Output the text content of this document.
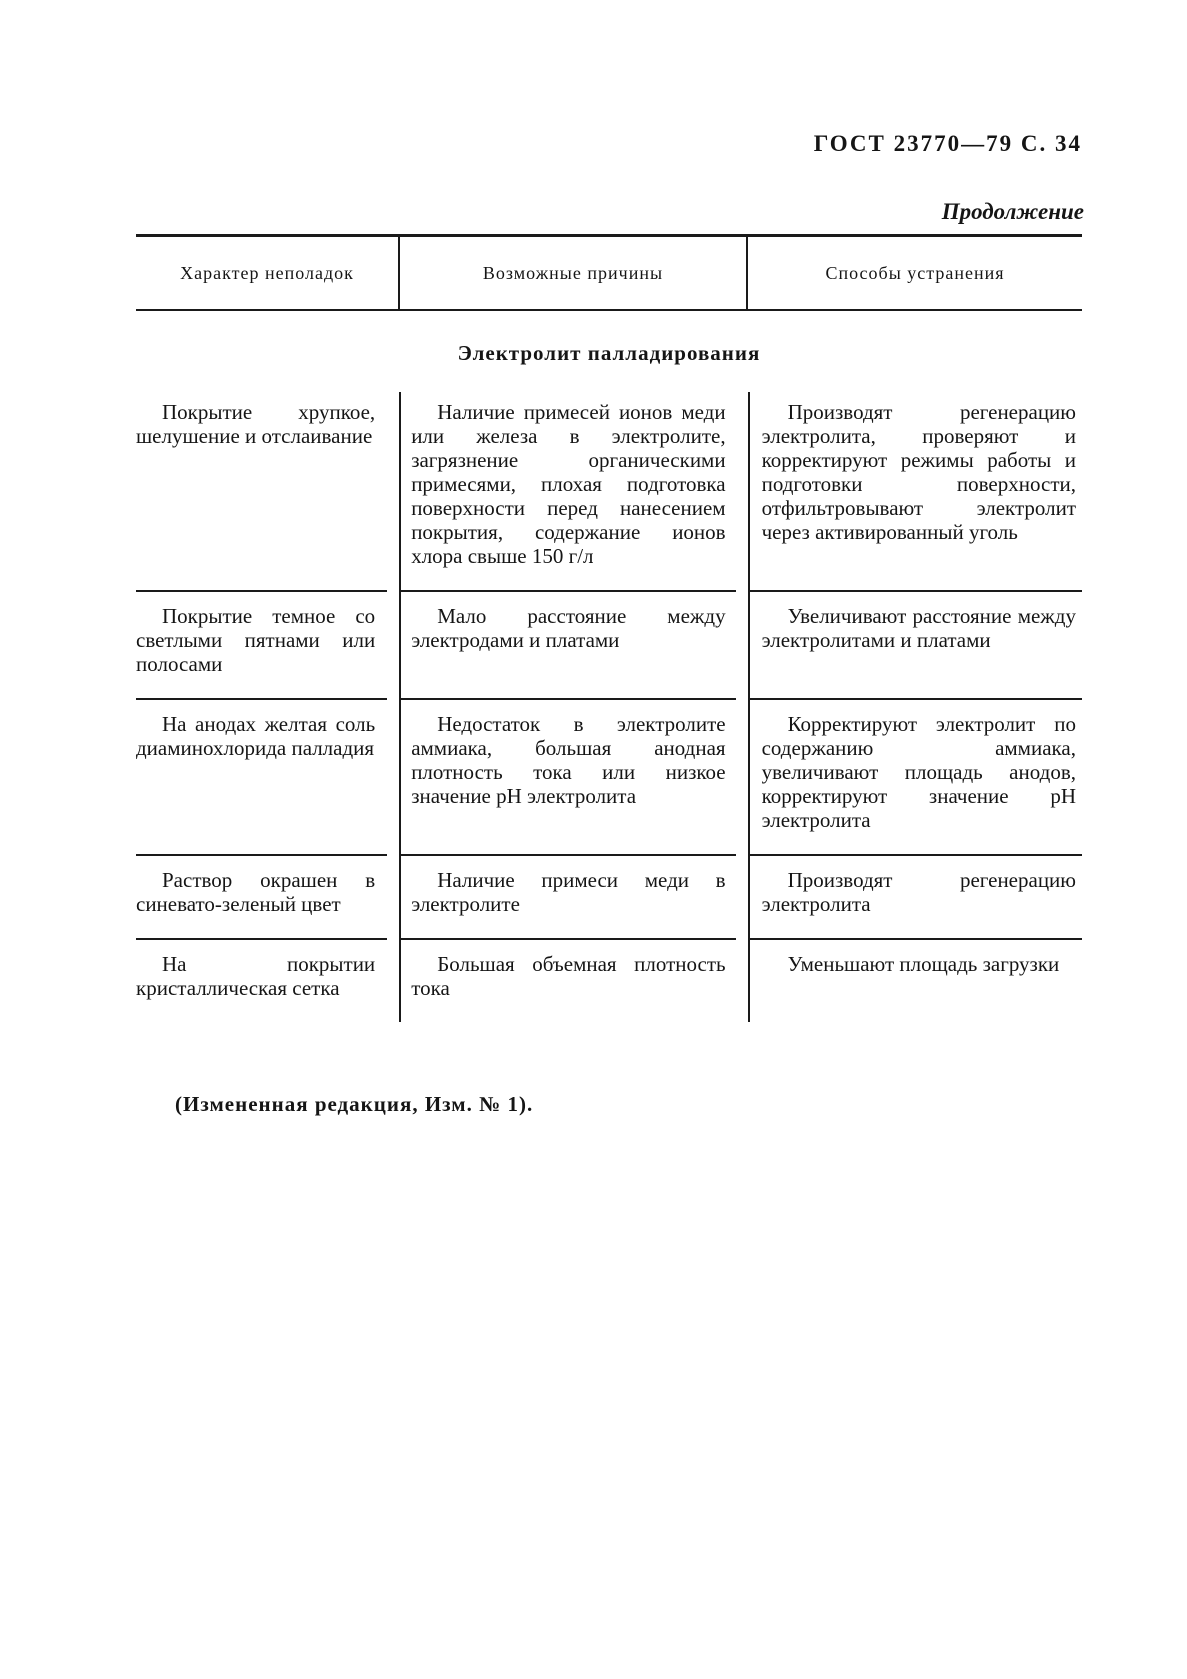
ГОСТ 23770—79 С. 34
Продолжение
Характер неполадок	Возможные причины	Способы устранения
Электролит палладирования
Покрытие хрупкое, шелушение и отслаивание
Наличие примесей ионов меди или железа в электролите, загрязнение органическими примесями, плохая подготовка поверхности перед нанесением покрытия, содержание ионов хлора свыше 150 г/л
Производят регенерацию электролита, проверяют и корректируют режимы работы и подготовки поверхности, отфильтровывают электролит через активированный уголь
Покрытие темное со светлыми пятнами или полосами
Мало расстояние между электродами и платами
Увеличивают расстояние между электролитами и платами
На анодах желтая соль диаминохлорида палладия
Недостаток в электролите аммиака, большая анодная плотность тока или низкое значение pH электролита
Корректируют электролит по содержанию аммиака, увеличивают площадь анодов, корректируют значение pH электролита
Раствор окрашен в синевато-зеленый цвет
Наличие примеси меди в электролите
Производят регенерацию электролита
На покрытии кристаллическая сетка
Большая объемная плотность тока
Уменьшают площадь загрузки
(Измененная редакция, Изм. № 1).
